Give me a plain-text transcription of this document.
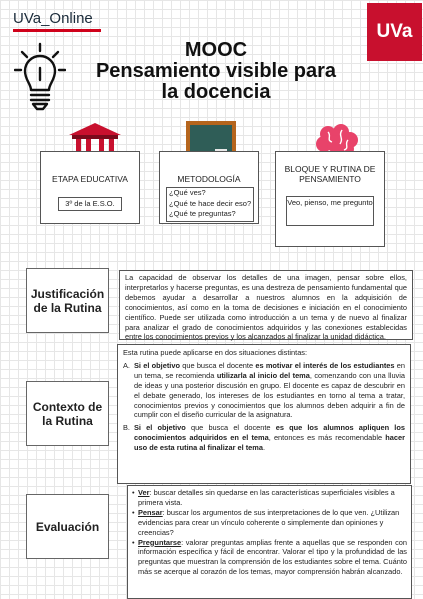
UVa_Online
UVa
MOOC
Pensamiento visible para
la docencia
ETAPA EDUCATIVA
3º de la E.S.O.
METODOLOGÍA
¿Qué ves?
¿Qué te hace decir eso?
¿Qué te preguntas?
BLOQUE Y RUTINA DE PENSAMIENTO
Veo, pienso, me pregunto
Justificación de la Rutina
La capacidad de observar los detalles de una imagen, pensar sobre ellos, interpretarlos y hacerse preguntas, es una destreza de pensamiento fundamental que debemos ayudar a desarrollar a nuestros alumnos en la adquisición de conocimientos, así como en la toma de decisiones e iniciación en el conocimiento científico. Puede ser utilizada como introducción a un tema y de nuevo al finalizar para analizar el grado de conocimientos adquiridos y las conexiones establecidas entre los conocimientos previos y los alcanzados al finalizar la unidad didáctica.
Contexto de la Rutina

Esta rutina puede aplicarse en dos situaciones distintas:

A. Si el objetivo que busca el docente es motivar el interés de los estudiantes en un tema, se recomienda utilizarla al inicio del tema, comenzando con una lluvia de ideas y una posterior discusión en grupo. El docente es capaz de descubrir en el debate generado, los intereses de los estudiantes en torno al tema a tratar, conocimientos previos y conocimientos que los alumnos deben adquirir a fin de cumplir con el diseño curricular de la asignatura.
B. Si el objetivo que busca el docente es que los alumnos apliquen los conocimientos adquiridos en el tema, entonces es más recomendable hacer uso de esta rutina al finalizar el tema.
Evaluación
• Ver: buscar detalles sin quedarse en las características superficiales visibles a primera vista.
• Pensar: buscar los argumentos de sus interpretaciones de lo que ven. ¿Utilizan evidencias para crear un vínculo coherente o simplemente dan opiniones y creencias?
• Preguntarse: valorar preguntas amplias frente a aquellas que se responden con información específica y fácil de encontrar. Valorar el tipo y la profundidad de las preguntas que muestran la comprensión de los estudiantes sobre el tema. Cuánto más se acerque al corazón de los temas, mayor comprensión habrán alcanzado.
